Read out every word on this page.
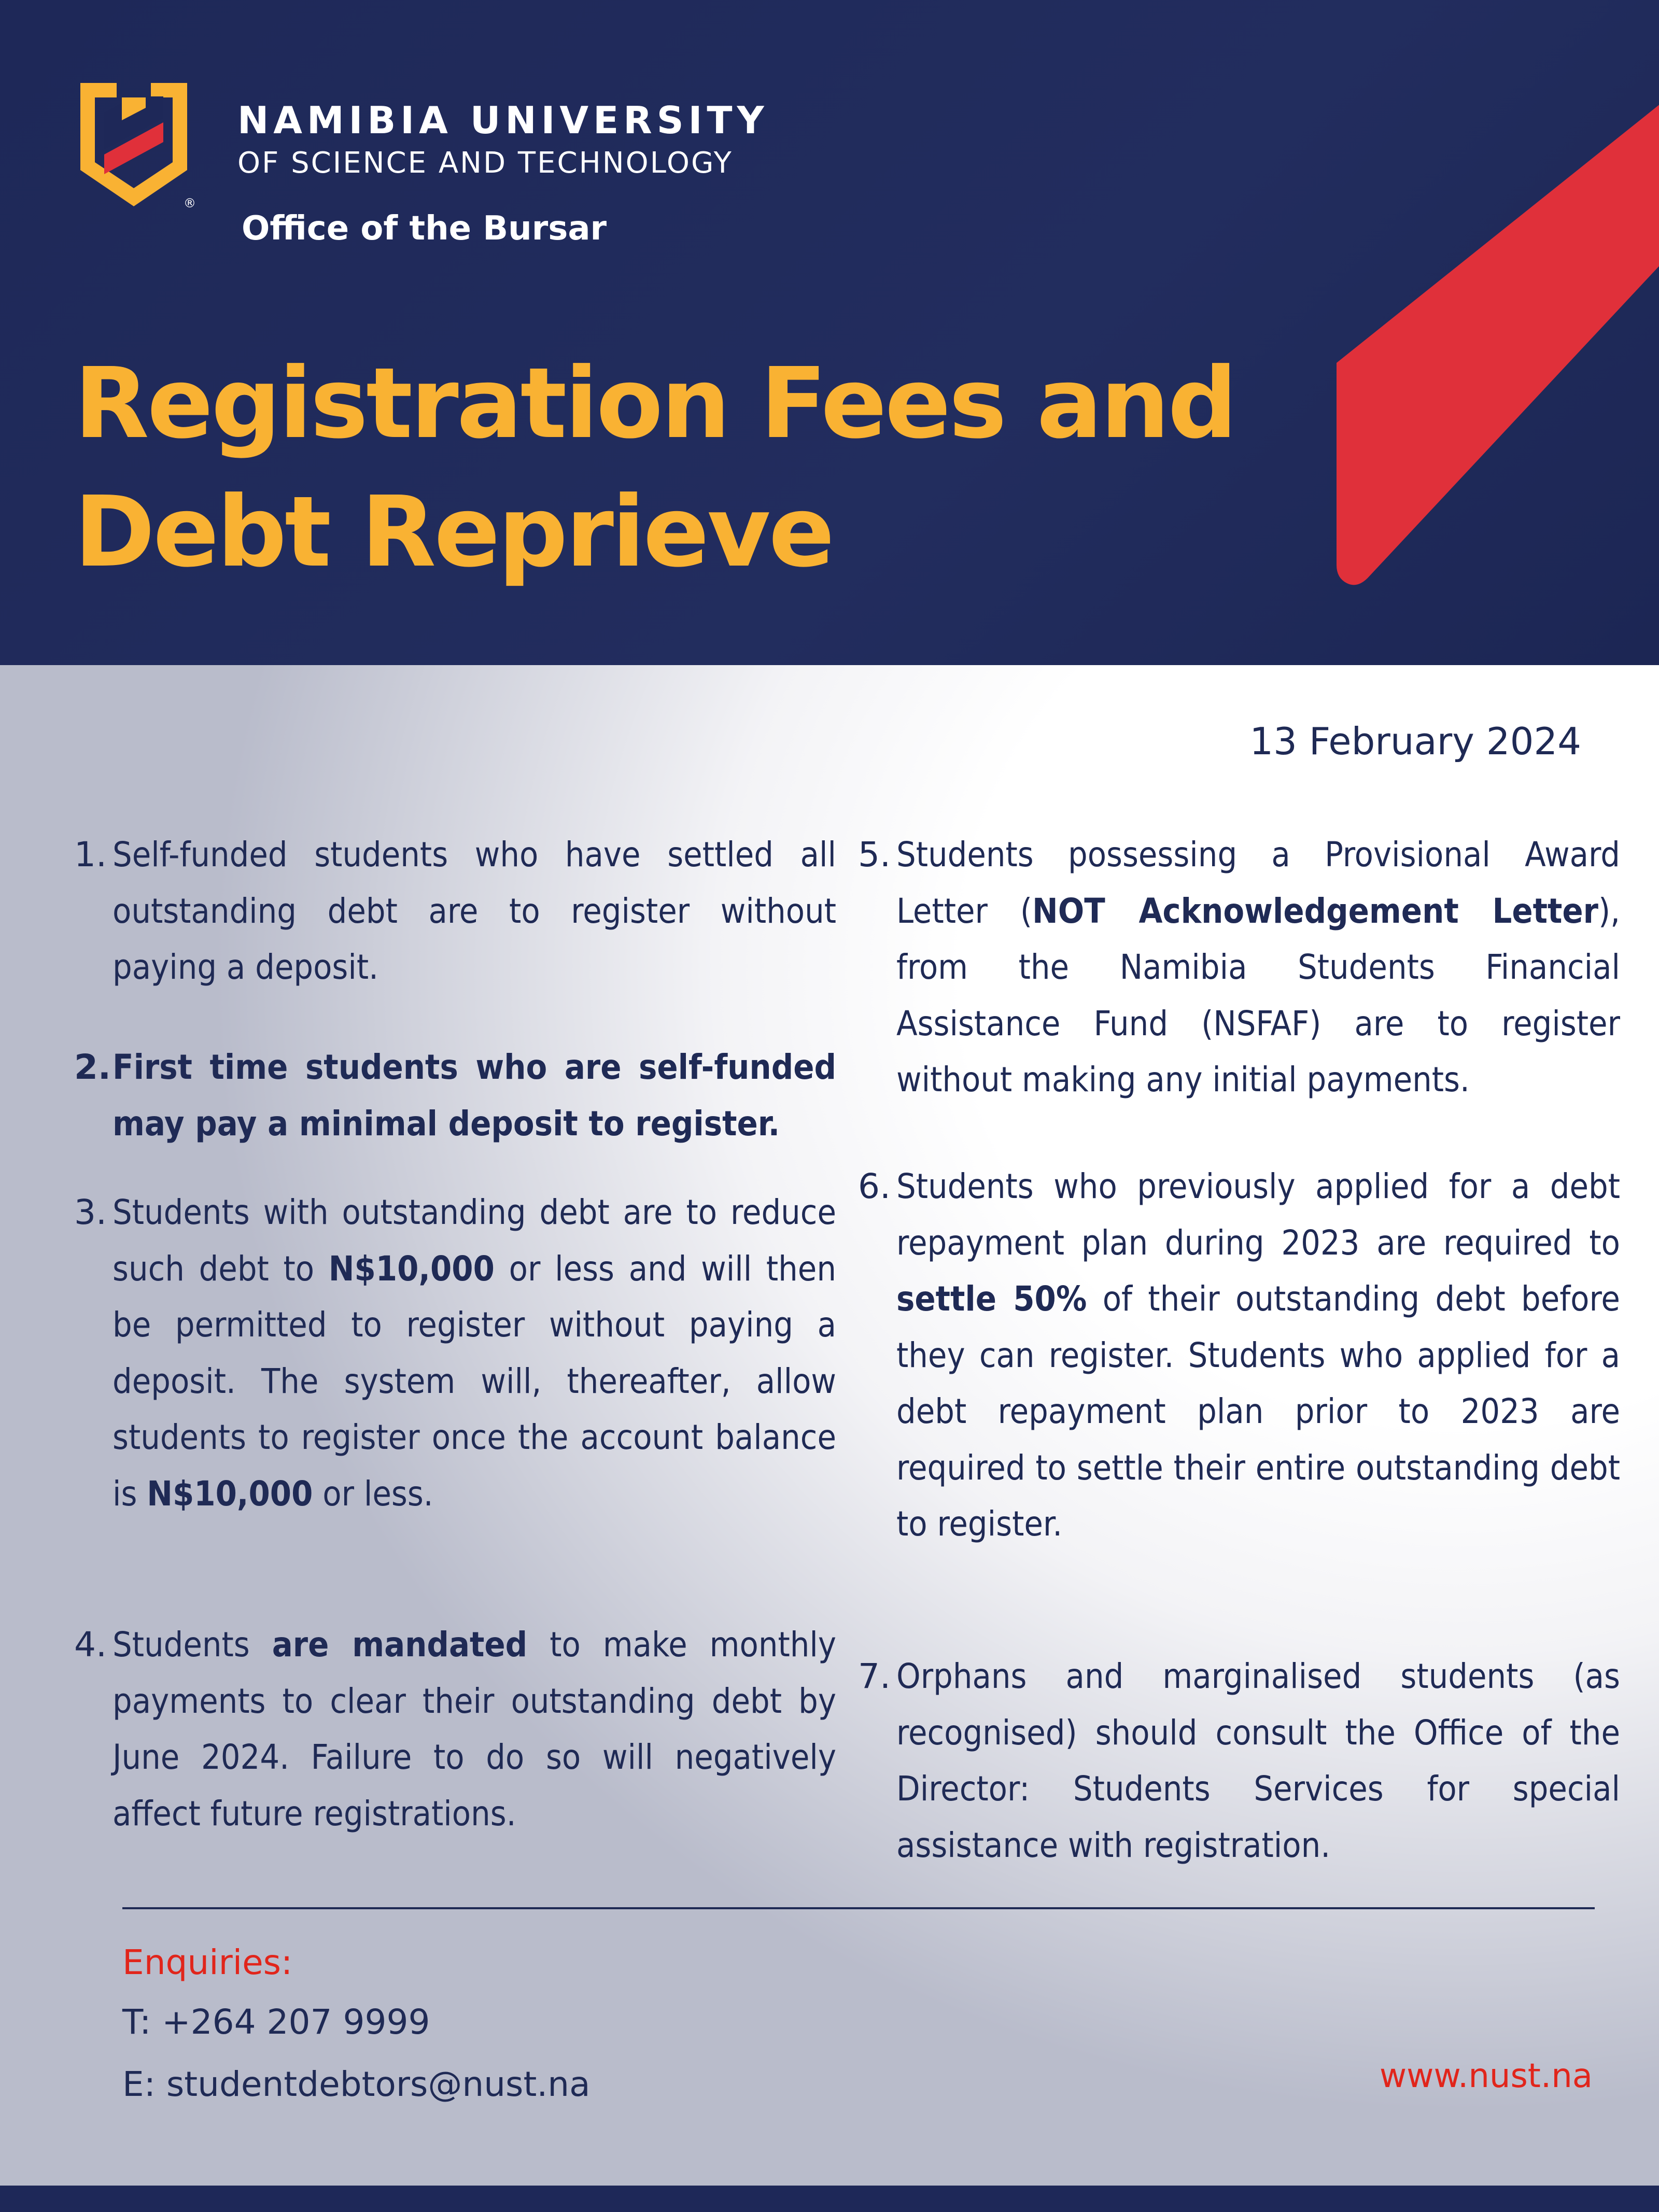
®
NAMIBIA UNIVERSITY
OF SCIENCE AND TECHNOLOGY
Office of the Bursar
Registration Fees and
Debt Reprieve
13 February 2024
1. Self-funded students who have settled all outstanding debt are to register without paying a deposit.
2. First time students who are self-funded may pay a minimal deposit to register.
3. Students with outstanding debt are to reduce such debt to N$10,000 or less and will then be permitted to register without paying a deposit. The system will, thereafter, allow students to register once the account balance is N$10,000 or less.
4. Students are mandated to make monthly payments to clear their outstanding debt by June 2024. Failure to do so will negatively affect future registrations.
5. Students possessing a Provisional Award Letter (NOT Acknowledgement Letter), from the Namibia Students Financial Assistance Fund (NSFAF) are to register without making any initial payments.
6. Students who previously applied for a debt repayment plan during 2023 are required to settle 50% of their outstanding debt before they can register. Students who applied for a debt repayment plan prior to 2023 are required to settle their entire outstanding debt to register.
7. Orphans and marginalised students (as recognised) should consult the Office of the Director: Students Services for special assistance with registration.
Enquiries:
T: +264 207 9999
E: studentdebtors@nust.na	www.nust.na
